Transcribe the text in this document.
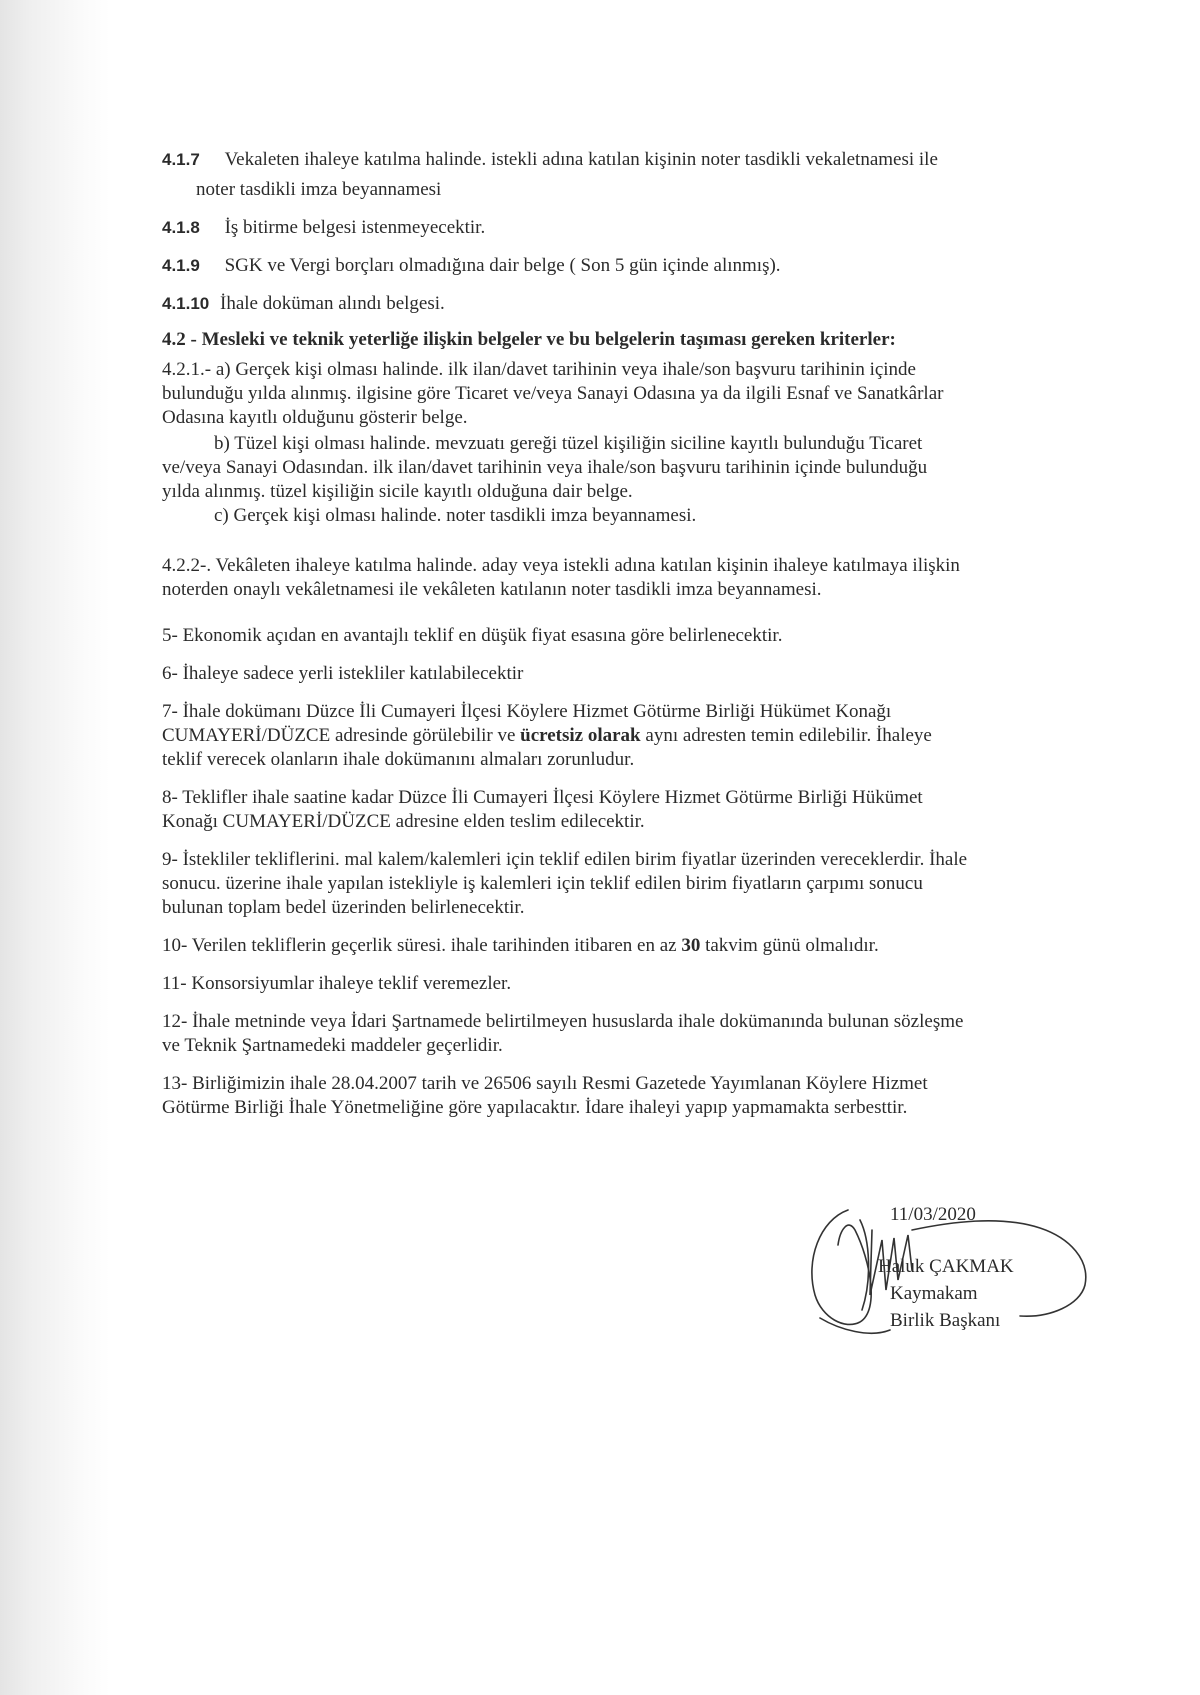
4.1.7 Vekaleten ihaleye katılma halinde. istekli adına katılan kişinin noter tasdikli vekaletnamesi ile

noter tasdikli imza beyannamesi

4.1.8 İş bitirme belgesi istenmeyecektir.

4.1.9 SGK ve Vergi borçları olmadığına dair belge ( Son 5 gün içinde alınmış).

4.1.10 İhale doküman alındı belgesi.

4.2 - Mesleki ve teknik yeterliğe ilişkin belgeler ve bu belgelerin taşıması gereken kriterler:

4.2.1.- a) Gerçek kişi olması halinde. ilk ilan/davet tarihinin veya ihale/son başvuru tarihinin içinde

bulunduğu yılda alınmış. ilgisine göre Ticaret ve/veya Sanayi Odasına ya da ilgili Esnaf ve Sanatkârlar

Odasına kayıtlı olduğunu gösterir belge.

b) Tüzel kişi olması halinde. mevzuatı gereği tüzel kişiliğin siciline kayıtlı bulunduğu Ticaret

ve/veya Sanayi Odasından. ilk ilan/davet tarihinin veya ihale/son başvuru tarihinin içinde bulunduğu

yılda alınmış. tüzel kişiliğin sicile kayıtlı olduğuna dair belge.

c) Gerçek kişi olması halinde. noter tasdikli imza beyannamesi.

4.2.2-. Vekâleten ihaleye katılma halinde. aday veya istekli adına katılan kişinin ihaleye katılmaya ilişkin

noterden onaylı vekâletnamesi ile vekâleten katılanın noter tasdikli imza beyannamesi.

5- Ekonomik açıdan en avantajlı teklif en düşük fiyat esasına göre belirlenecektir.

6- İhaleye sadece yerli istekliler katılabilecektir

7- İhale dokümanı Düzce İli Cumayeri İlçesi Köylere Hizmet Götürme Birliği Hükümet Konağı

CUMAYERİ/DÜZCE adresinde görülebilir ve ücretsiz olarak aynı adresten temin edilebilir. İhaleye

teklif verecek olanların ihale dokümanını almaları zorunludur.

8- Teklifler ihale saatine kadar Düzce İli Cumayeri İlçesi Köylere Hizmet Götürme Birliği Hükümet

Konağı CUMAYERİ/DÜZCE adresine elden teslim edilecektir.

9- İstekliler tekliflerini. mal kalem/kalemleri için teklif edilen birim fiyatlar üzerinden vereceklerdir. İhale

sonucu. üzerine ihale yapılan istekliyle iş kalemleri için teklif edilen birim fiyatların çarpımı sonucu

bulunan toplam bedel üzerinden belirlenecektir.

10- Verilen tekliflerin geçerlik süresi. ihale tarihinden itibaren en az 30 takvim günü olmalıdır.

11- Konsorsiyumlar ihaleye teklif veremezler.

12- İhale metninde veya İdari Şartnamede belirtilmeyen hususlarda ihale dokümanında bulunan sözleşme

ve Teknik Şartnamedeki maddeler geçerlidir.

13- Birliğimizin ihale 28.04.2007 tarih ve 26506 sayılı Resmi Gazetede Yayımlanan Köylere Hizmet

Götürme Birliği İhale Yönetmeliğine göre yapılacaktır. İdare ihaleyi yapıp yapmamakta serbesttir.

11/03/2020
Haluk ÇAKMAK
Kaymakam
Birlik Başkanı
